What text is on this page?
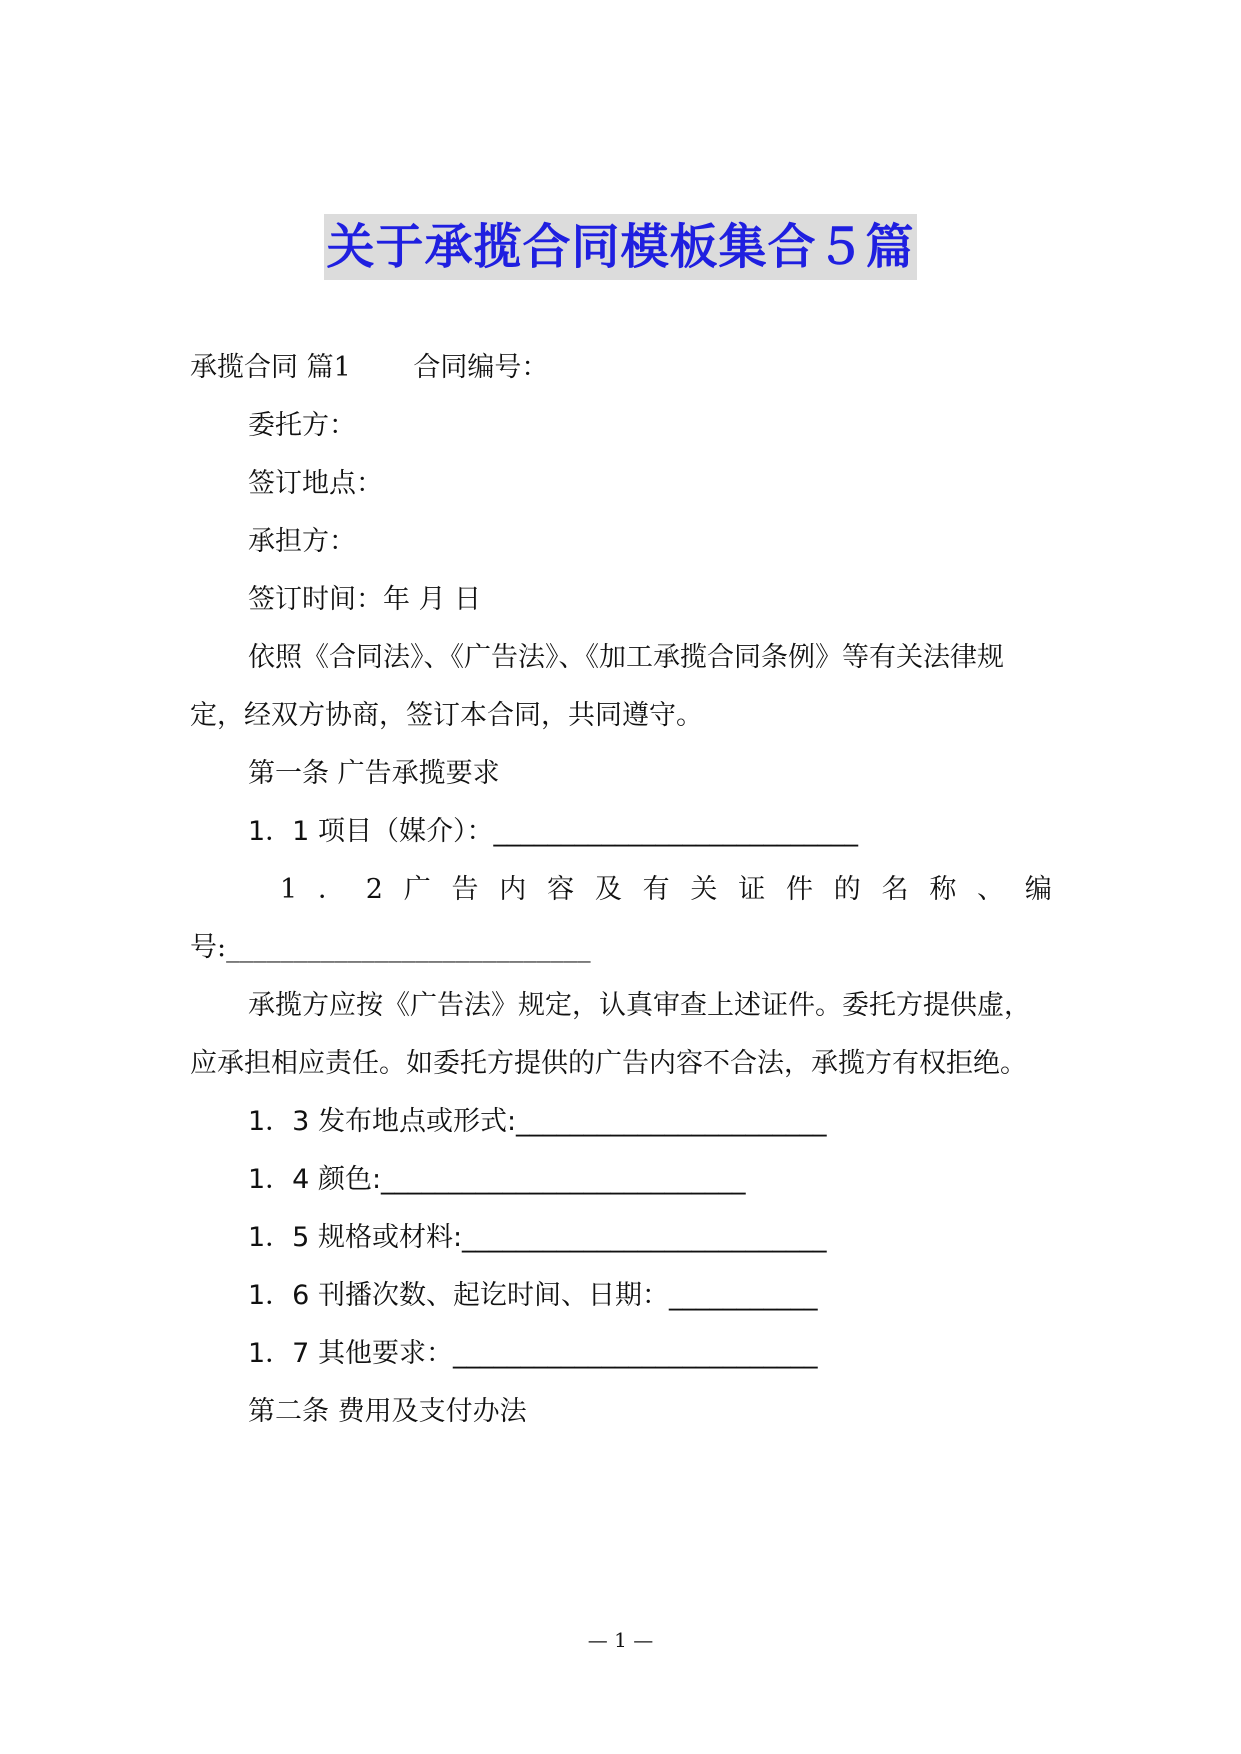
关于承揽合同模板集合５篇
承揽合同 篇1　　 合同编号：
委托方：
签订地点：
承担方：
签订时间：年 月 日
依照《合同法》、《广告法》、《加工承揽合同条例》等有关法律规
定，经双方协商，签订本合同，共同遵守。
第一条 广告承揽要求
1．1 项目（媒介）：___________________________
1 ． 2 广 告 内 容 及 有 关 证 件 的 名 称 、 编
号:___________________________
承揽方应按《广告法》规定，认真审查上述证件。委托方提供虚，
应承担相应责任。如委托方提供的广告内容不合法，承揽方有权拒绝。
1．3 发布地点或形式:_______________________
1．4 颜色:___________________________
1．5 规格或材料:___________________________
1．6 刊播次数、起讫时间、日期：___________
1．7 其他要求：___________________________
第二条 费用及支付办法
— 1 —
